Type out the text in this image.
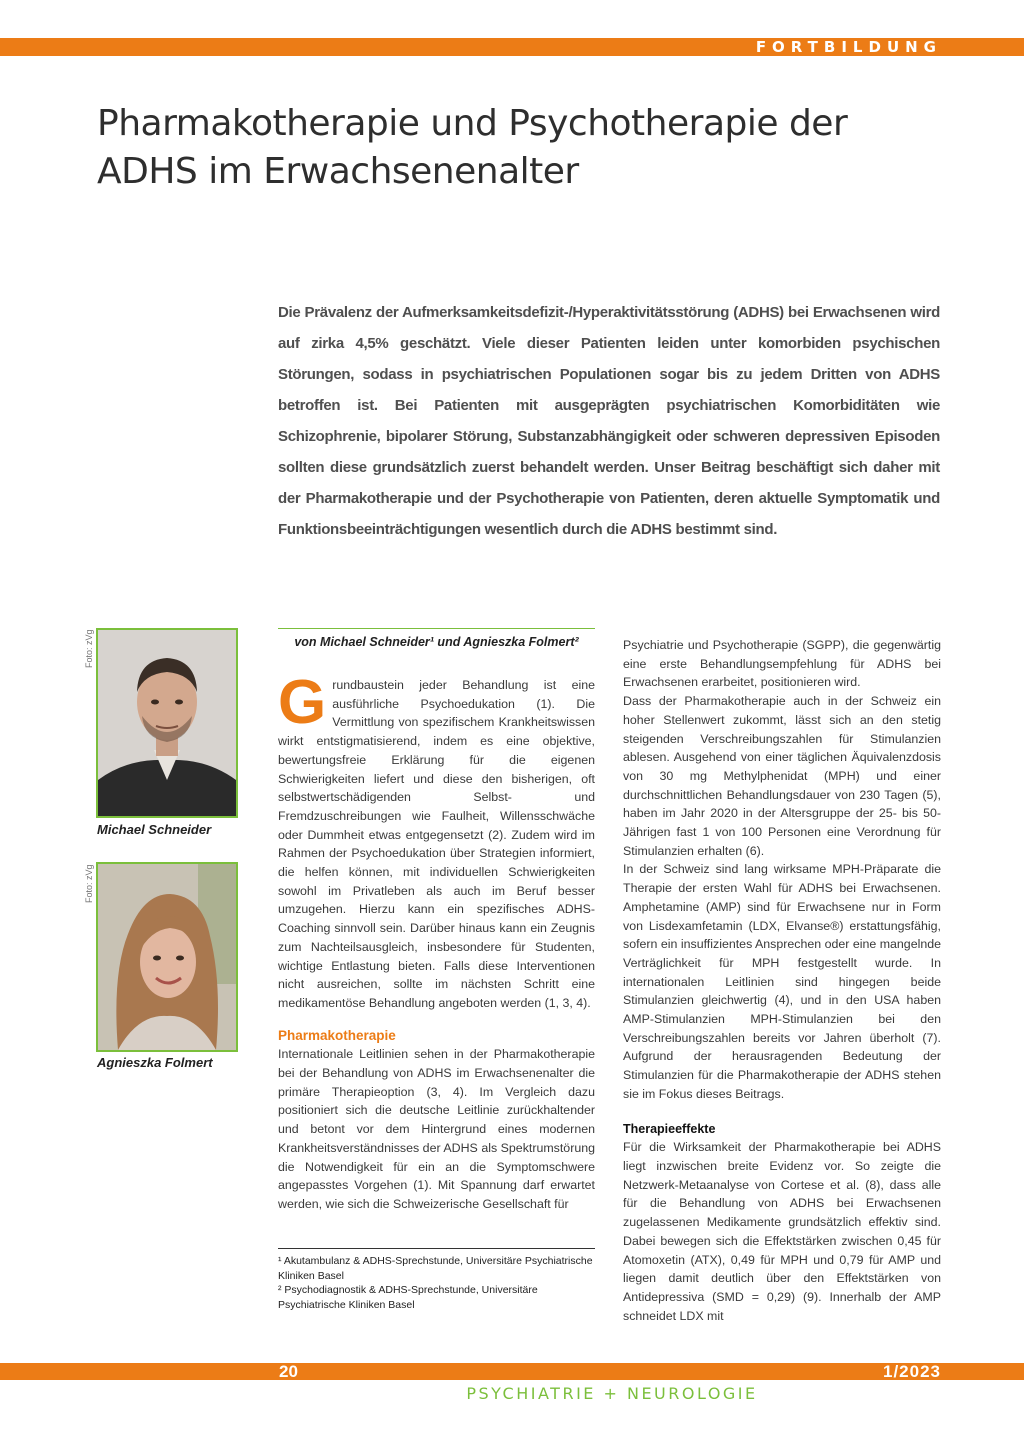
FORTBILDUNG
Pharmakotherapie und Psychotherapie der ADHS im Erwachsenenalter

Die Prävalenz der Aufmerksamkeitsdefizit-/Hyperaktivitätsstörung (ADHS) bei Erwachsenen wird auf zirka 4,5% geschätzt. Viele dieser Patienten leiden unter komorbiden psychischen Störungen, sodass in psychiatrischen Populationen sogar bis zu jedem Dritten von ADHS betroffen ist. Bei Patienten mit ausgeprägten psychiatrischen Komorbiditäten wie Schizophrenie, bipolarer Störung, Substanzabhängigkeit oder schweren depressiven Episoden sollten diese grundsätzlich zuerst behandelt werden. Unser Beitrag beschäftigt sich daher mit der Pharmakotherapie und der Psychotherapie von Patienten, deren aktuelle Symptomatik und Funktionsbeeinträchtigungen wesentlich durch die ADHS bestimmt sind.

Foto: zVg
Michael Schneider
Foto: zVg
Agnieszka Folmert
von Michael Schneider¹ und Agnieszka Folmert²

Grundbaustein jeder Behandlung ist eine ausführliche Psychoedukation (1). Die Vermittlung von spezifischem Krankheitswissen wirkt entstigmatisierend, indem es eine objektive, bewertungsfreie Erklärung für die eigenen Schwierigkeiten liefert und diese den bisherigen, oft selbstwertschädigenden Selbst- und Fremdzuschreibungen wie Faulheit, Willensschwäche oder Dummheit etwas entgegensetzt (2). Zudem wird im Rahmen der Psychoedukation über Strategien informiert, die helfen können, mit individuellen Schwierigkeiten sowohl im Privatleben als auch im Beruf besser umzugehen. Hierzu kann ein spezifisches ADHS-Coaching sinnvoll sein. Darüber hinaus kann ein Zeugnis zum Nachteilsausgleich, insbesondere für Studenten, wichtige Entlastung bieten. Falls diese Interventionen nicht ausreichen, sollte im nächsten Schritt eine medikamentöse Behandlung angeboten werden (1, 3, 4).

Pharmakotherapie

Internationale Leitlinien sehen in der Pharmakotherapie bei der Behandlung von ADHS im Erwachsenenalter die primäre Therapieoption (3, 4). Im Vergleich dazu positioniert sich die deutsche Leitlinie zurückhaltender und betont vor dem Hintergrund eines modernen Krankheitsverständnisses der ADHS als Spektrumstörung die Notwendigkeit für ein an die Symptomschwere angepasstes Vorgehen (1). Mit Spannung darf erwartet werden, wie sich die Schweizerische Gesellschaft für

¹ Akutambulanz & ADHS-Sprechstunde, Universitäre Psychiatrische Kliniken Basel

² Psychodiagnostik & ADHS-Sprechstunde, Universitäre Psychiatrische Kliniken Basel

Psychiatrie und Psychotherapie (SGPP), die gegenwärtig eine erste Behandlungsempfehlung für ADHS bei Erwachsenen erarbeitet, positionieren wird.

Dass der Pharmakotherapie auch in der Schweiz ein hoher Stellenwert zukommt, lässt sich an den stetig steigenden Verschreibungszahlen für Stimulanzien ablesen. Ausgehend von einer täglichen Äquivalenzdosis von 30 mg Methylphenidat (MPH) und einer durchschnittlichen Behandlungsdauer von 230 Tagen (5), haben im Jahr 2020 in der Altersgruppe der 25- bis 50-Jährigen fast 1 von 100 Personen eine Verordnung für Stimulanzien erhalten (6).

In der Schweiz sind lang wirksame MPH-Präparate die Therapie der ersten Wahl für ADHS bei Erwachsenen. Amphetamine (AMP) sind für Erwachsene nur in Form von Lisdexamfetamin (LDX, Elvanse®) erstattungsfähig, sofern ein insuffizientes Ansprechen oder eine mangelnde Verträglichkeit für MPH festgestellt wurde. In internationalen Leitlinien sind hingegen beide Stimulanzien gleichwertig (4), und in den USA haben AMP-Stimulanzien MPH-Stimulanzien bei den Verschreibungszahlen bereits vor Jahren überholt (7). Aufgrund der herausragenden Bedeutung der Stimulanzien für die Pharmakotherapie der ADHS stehen sie im Fokus dieses Beitrags.

Therapieeffekte

Für die Wirksamkeit der Pharmakotherapie bei ADHS liegt inzwischen breite Evidenz vor. So zeigte die Netzwerk-Metaanalyse von Cortese et al. (8), dass alle für die Behandlung von ADHS bei Erwachsenen zugelassenen Medikamente grundsätzlich effektiv sind. Dabei bewegen sich die Effektstärken zwischen 0,45 für Atomoxetin (ATX), 0,49 für MPH und 0,79 für AMP und liegen damit deutlich über den Effektstärken von Antidepressiva (SMD = 0,29) (9). Innerhalb der AMP schneidet LDX mit

20	1/2023
PSYCHIATRIE + NEUROLOGIE
